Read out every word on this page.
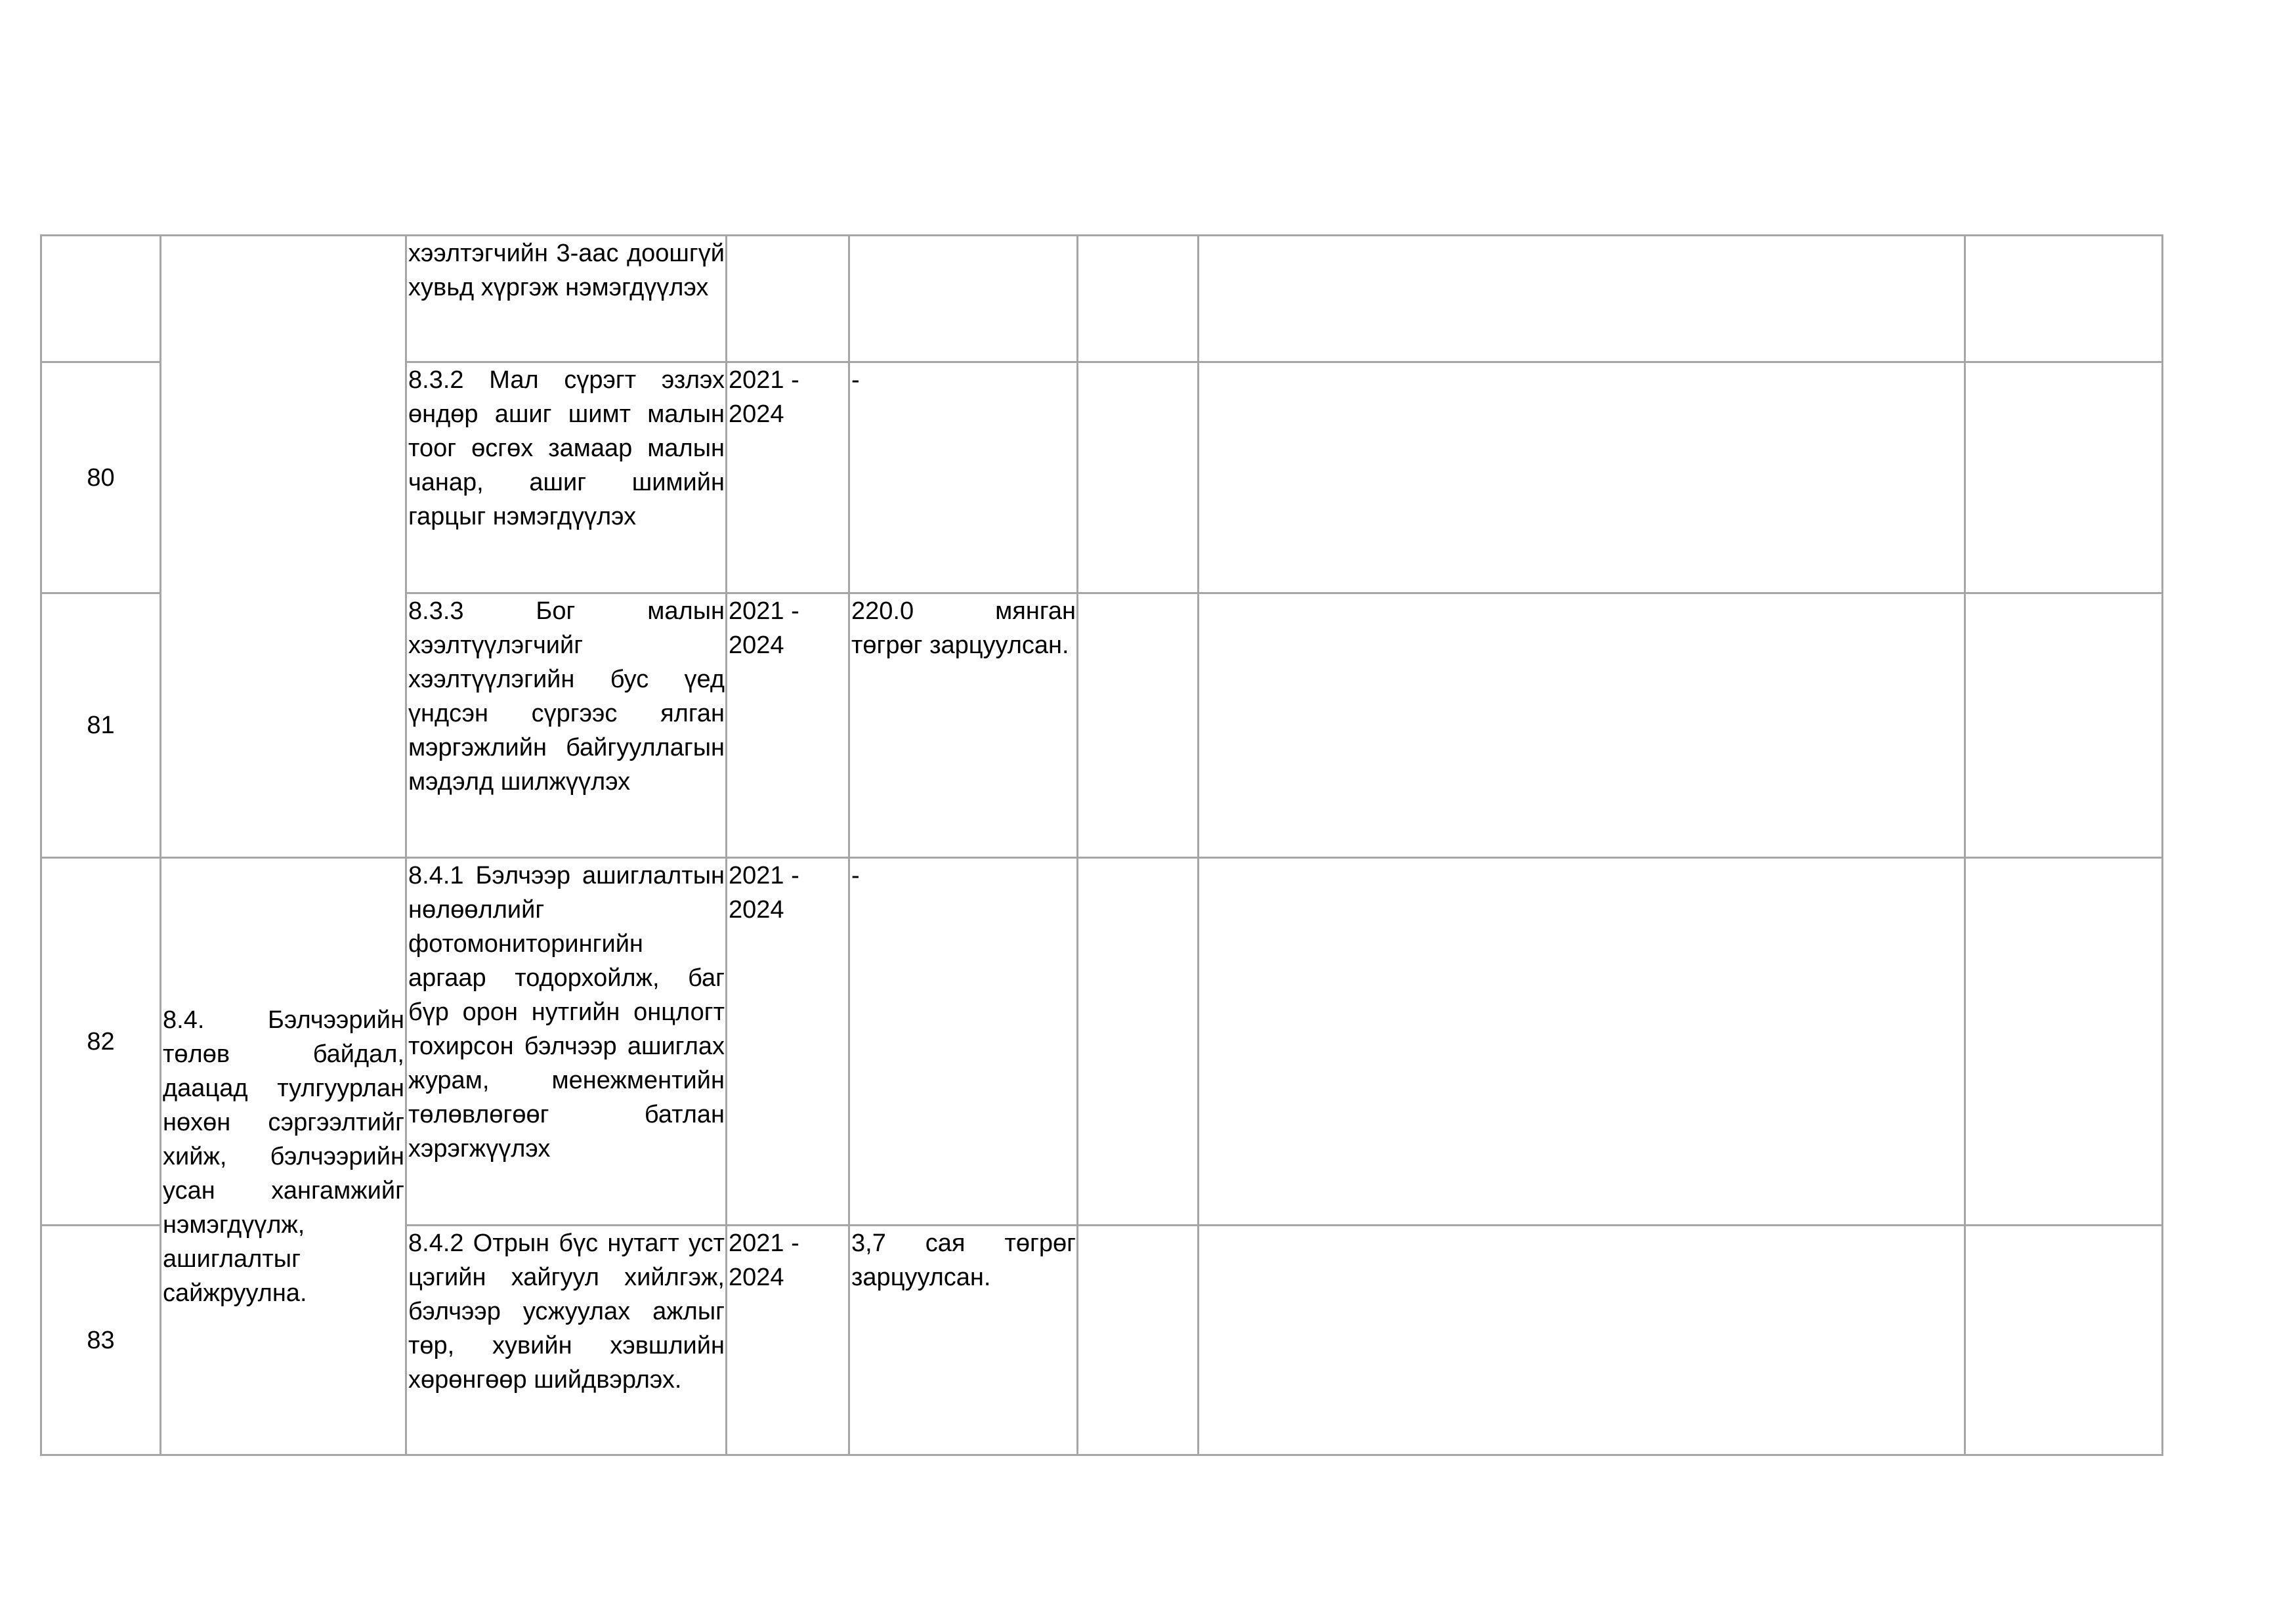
		хээлтэгчийн 3-аас доошгүй хувьд хүргэж нэмэгдүүлэх					

80		8.3.2 Мал сүрэгт эзлэх өндөр ашиг шимт малын тоог өсгөх замаар малын чанар, ашиг шимийн гарцыг нэмэгдүүлэх	2021 - 2024	-			

81		8.3.3 Бог малын хээлтүүлэгчийг хээлтүүлэгийн бус үед үндсэн сүргээс ялган мэргэжлийн байгууллагын мэдэлд шилжүүлэх	2021 - 2024	220.0 мянган төгрөг зарцуулсан.			

82	8.4. Бэлчээрийн төлөв байдал, даацад тулгуурлан нөхөн сэргээлтийг хийж, бэлчээрийн усан хангамжийг нэмэгдүүлж, ашиглалтыг сайжруулна.	8.4.1 Бэлчээр ашиглалтын нөлөөллийг фотомониторингийн аргаар тодорхойлж, баг бүр орон нутгийн онцлогт тохирсон бэлчээр ашиглах журам, менежментийн төлөвлөгөөг батлан хэрэгжүүлэх	2021 - 2024	-			

83		8.4.2 Отрын бүс нутагт уст цэгийн хайгуул хийлгэж, бэлчээр усжуулах ажлыг төр, хувийн хэвшлийн хөрөнгөөр шийдвэрлэх.	2021 - 2024	3,7 сая төгрөг зарцуулсан.			
